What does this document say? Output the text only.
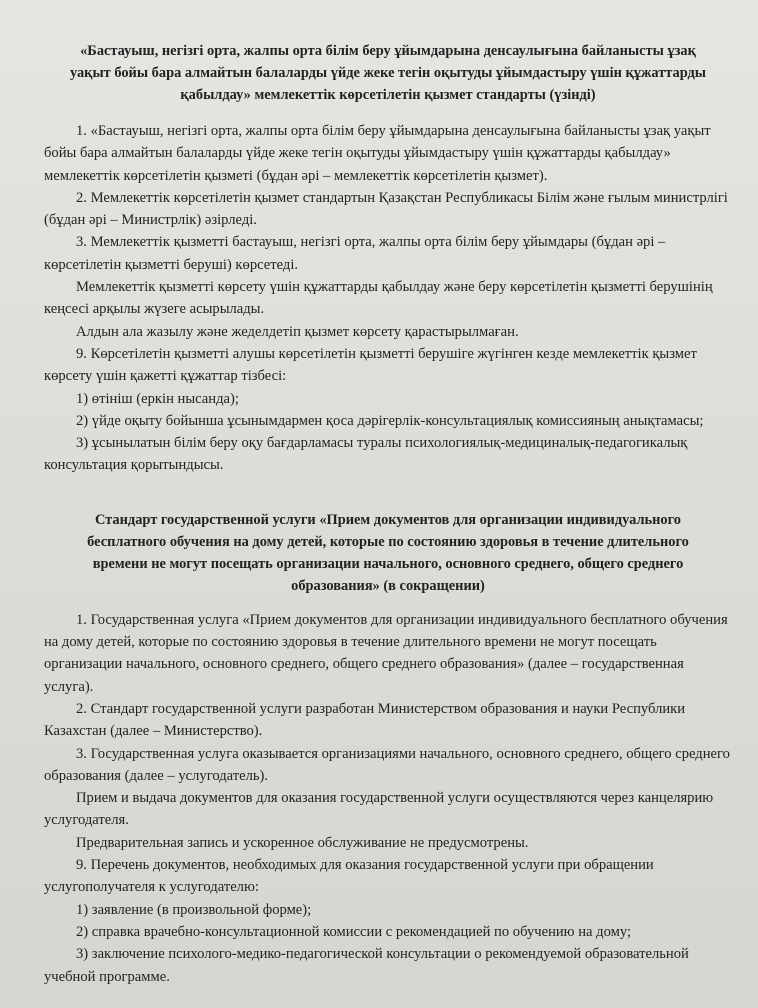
«Бастауыш, негізгі орта, жалпы орта білім беру ұйымдарына денсаулығына байланысты ұзақ уақыт бойы бара алмайтын балаларды үйде жеке тегін оқытуды ұйымдастыру үшін құжаттарды қабылдау» мемлекеттік көрсетілетін қызмет стандарты (үзінді)

1. «Бастауыш, негізгі орта, жалпы орта білім беру ұйымдарына денсаулығына байланысты ұзақ уақыт бойы бара алмайтын балаларды үйде жеке тегін оқытуды ұйымдастыру үшін құжаттарды қабылдау» мемлекеттік көрсетілетін қызметі (бұдан әрі – мемлекеттік көрсетілетін қызмет).

2. Мемлекеттік көрсетілетін қызмет стандартын Қазақстан Республикасы Білім және ғылым министрлігі (бұдан әрі – Министрлік) әзірледі.

3. Мемлекеттік қызметті бастауыш, негізгі орта, жалпы орта білім беру ұйымдары (бұдан әрі – көрсетілетін қызметті беруші) көрсетеді.

Мемлекеттік қызметті көрсету үшін құжаттарды қабылдау және беру көрсетілетін қызметті берушінің кеңсесі арқылы жүзеге асырылады.

Алдын ала жазылу және жеделдетіп қызмет көрсету қарастырылмаған.

9. Көрсетілетін қызметті алушы көрсетілетін қызметті берушіге жүгінген кезде мемлекеттік қызмет көрсету үшін қажетті құжаттар тізбесі:

1) өтініш (еркін нысанда);

2) үйде оқыту бойынша ұсынымдармен қоса дәрігерлік-консультациялық комиссияның анықтамасы;

3) ұсынылатын білім беру оқу бағдарламасы туралы психологиялық-медициналық-педагогикалық консультация қорытындысы.

Стандарт государственной услуги «Прием документов для организации индивидуального бесплатного обучения на дому детей, которые по состоянию здоровья в течение длительного времени не могут посещать организации начального, основного среднего, общего среднего образования» (в сокращении)

1. Государственная услуга «Прием документов для организации индивидуального бесплатного обучения на дому детей, которые по состоянию здоровья в течение длительного времени не могут посещать организации начального, основного среднего, общего среднего образования» (далее – государственная услуга).

2. Стандарт государственной услуги разработан Министерством образования и науки Республики Казахстан (далее – Министерство).

3. Государственная услуга оказывается организациями начального, основного среднего, общего среднего образования (далее – услугодатель).

Прием и выдача документов для оказания государственной услуги осуществляются через канцелярию услугодателя.

Предварительная запись и ускоренное обслуживание не предусмотрены.

9. Перечень документов, необходимых для оказания государственной услуги при обращении услугополучателя к услугодателю:

1) заявление (в произвольной форме);

2) справка врачебно-консультационной комиссии с рекомендацией по обучению на дому;

3) заключение психолого-медико-педагогической консультации о рекомендуемой образовательной учебной программе.
